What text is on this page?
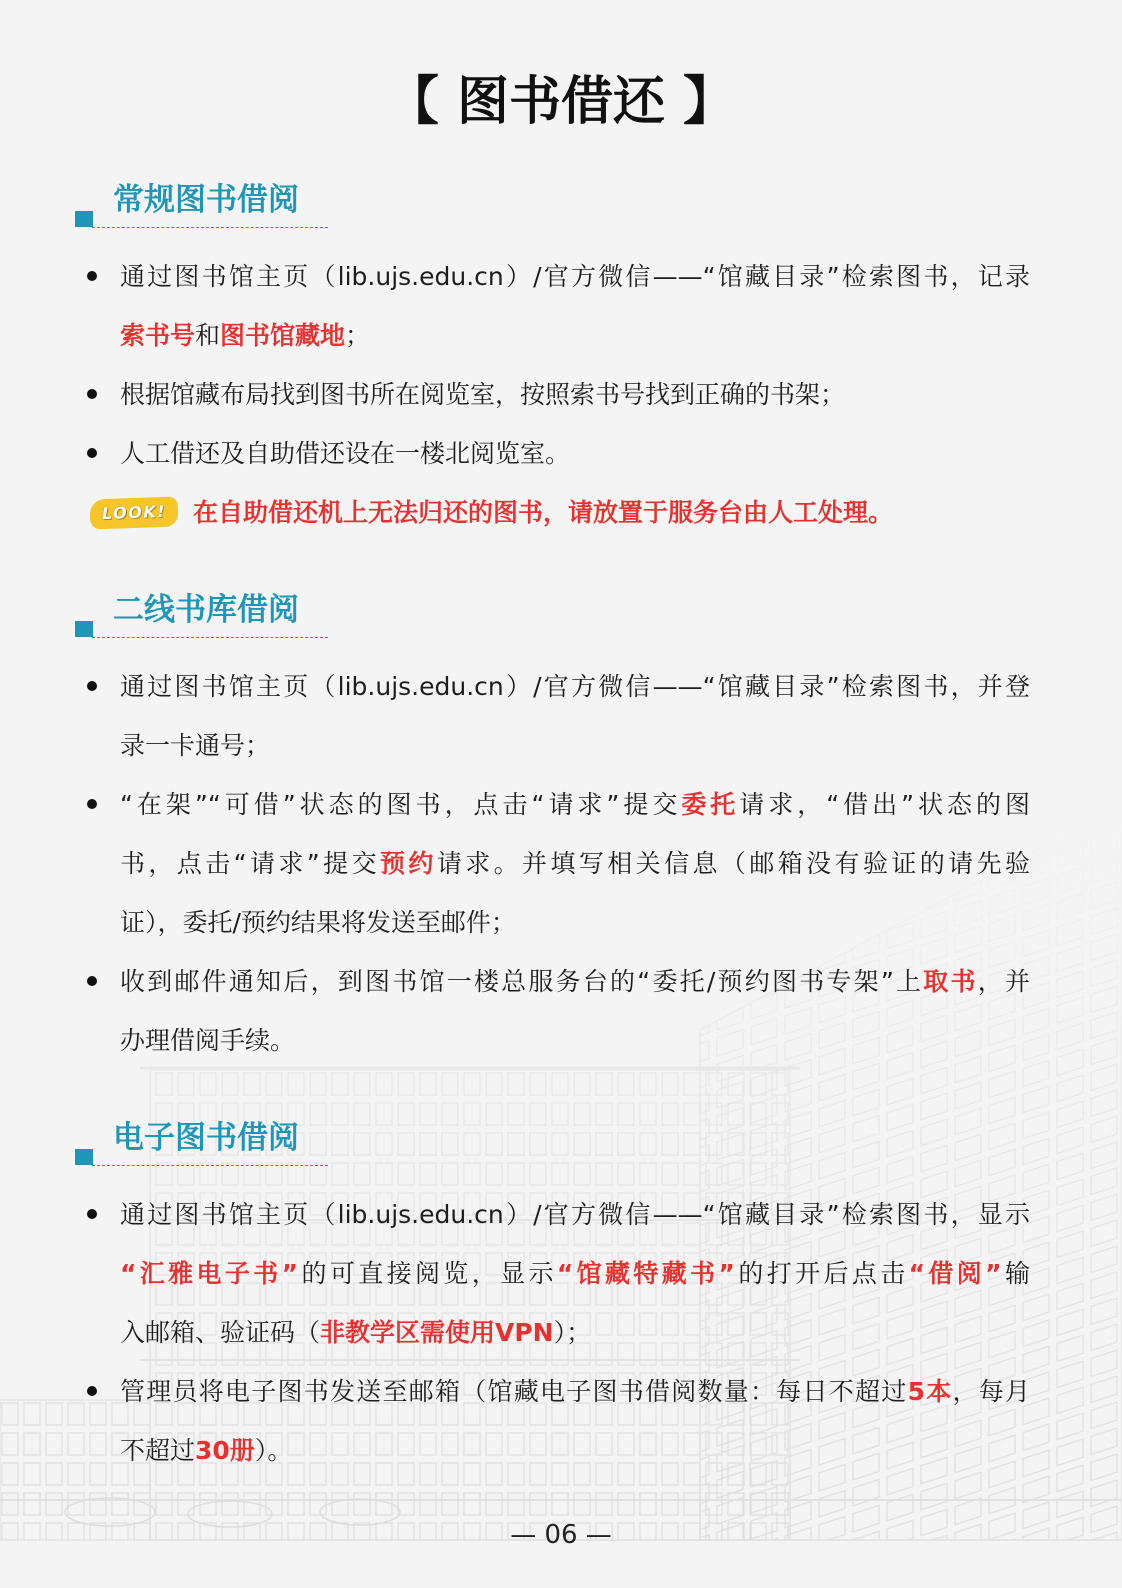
【 图书借还 】
常规图书借阅
通过图书馆主页（lib.ujs.edu.cn）/官方微信——“馆藏目录”检索图书，记录
索书号和图书馆藏地；
根据馆藏布局找到图书所在阅览室，按照索书号找到正确的书架；
人工借还及自助借还设在一楼北阅览室。
LOOK!	在自助借还机上无法归还的图书，请放置于服务台由人工处理。
二线书库借阅
通过图书馆主页（lib.ujs.edu.cn）/官方微信——“馆藏目录”检索图书，并登
录一卡通号；
“在架”“可借”状态的图书，点击“请求”提交委托请求，“借出”状态的图
书，点击“请求”提交预约请求。并填写相关信息（邮箱没有验证的请先验
证），委托/预约结果将发送至邮件；
收到邮件通知后，到图书馆一楼总服务台的“委托/预约图书专架”上取书，并
办理借阅手续。
电子图书借阅
通过图书馆主页（lib.ujs.edu.cn）/官方微信——“馆藏目录”检索图书，显示
“汇雅电子书”的可直接阅览，显示“馆藏特藏书”的打开后点击“借阅”输
入邮箱、验证码（非教学区需使用VPN）；
管理员将电子图书发送至邮箱（馆藏电子图书借阅数量：每日不超过5本，每月
不超过30册）。
— 06 —
